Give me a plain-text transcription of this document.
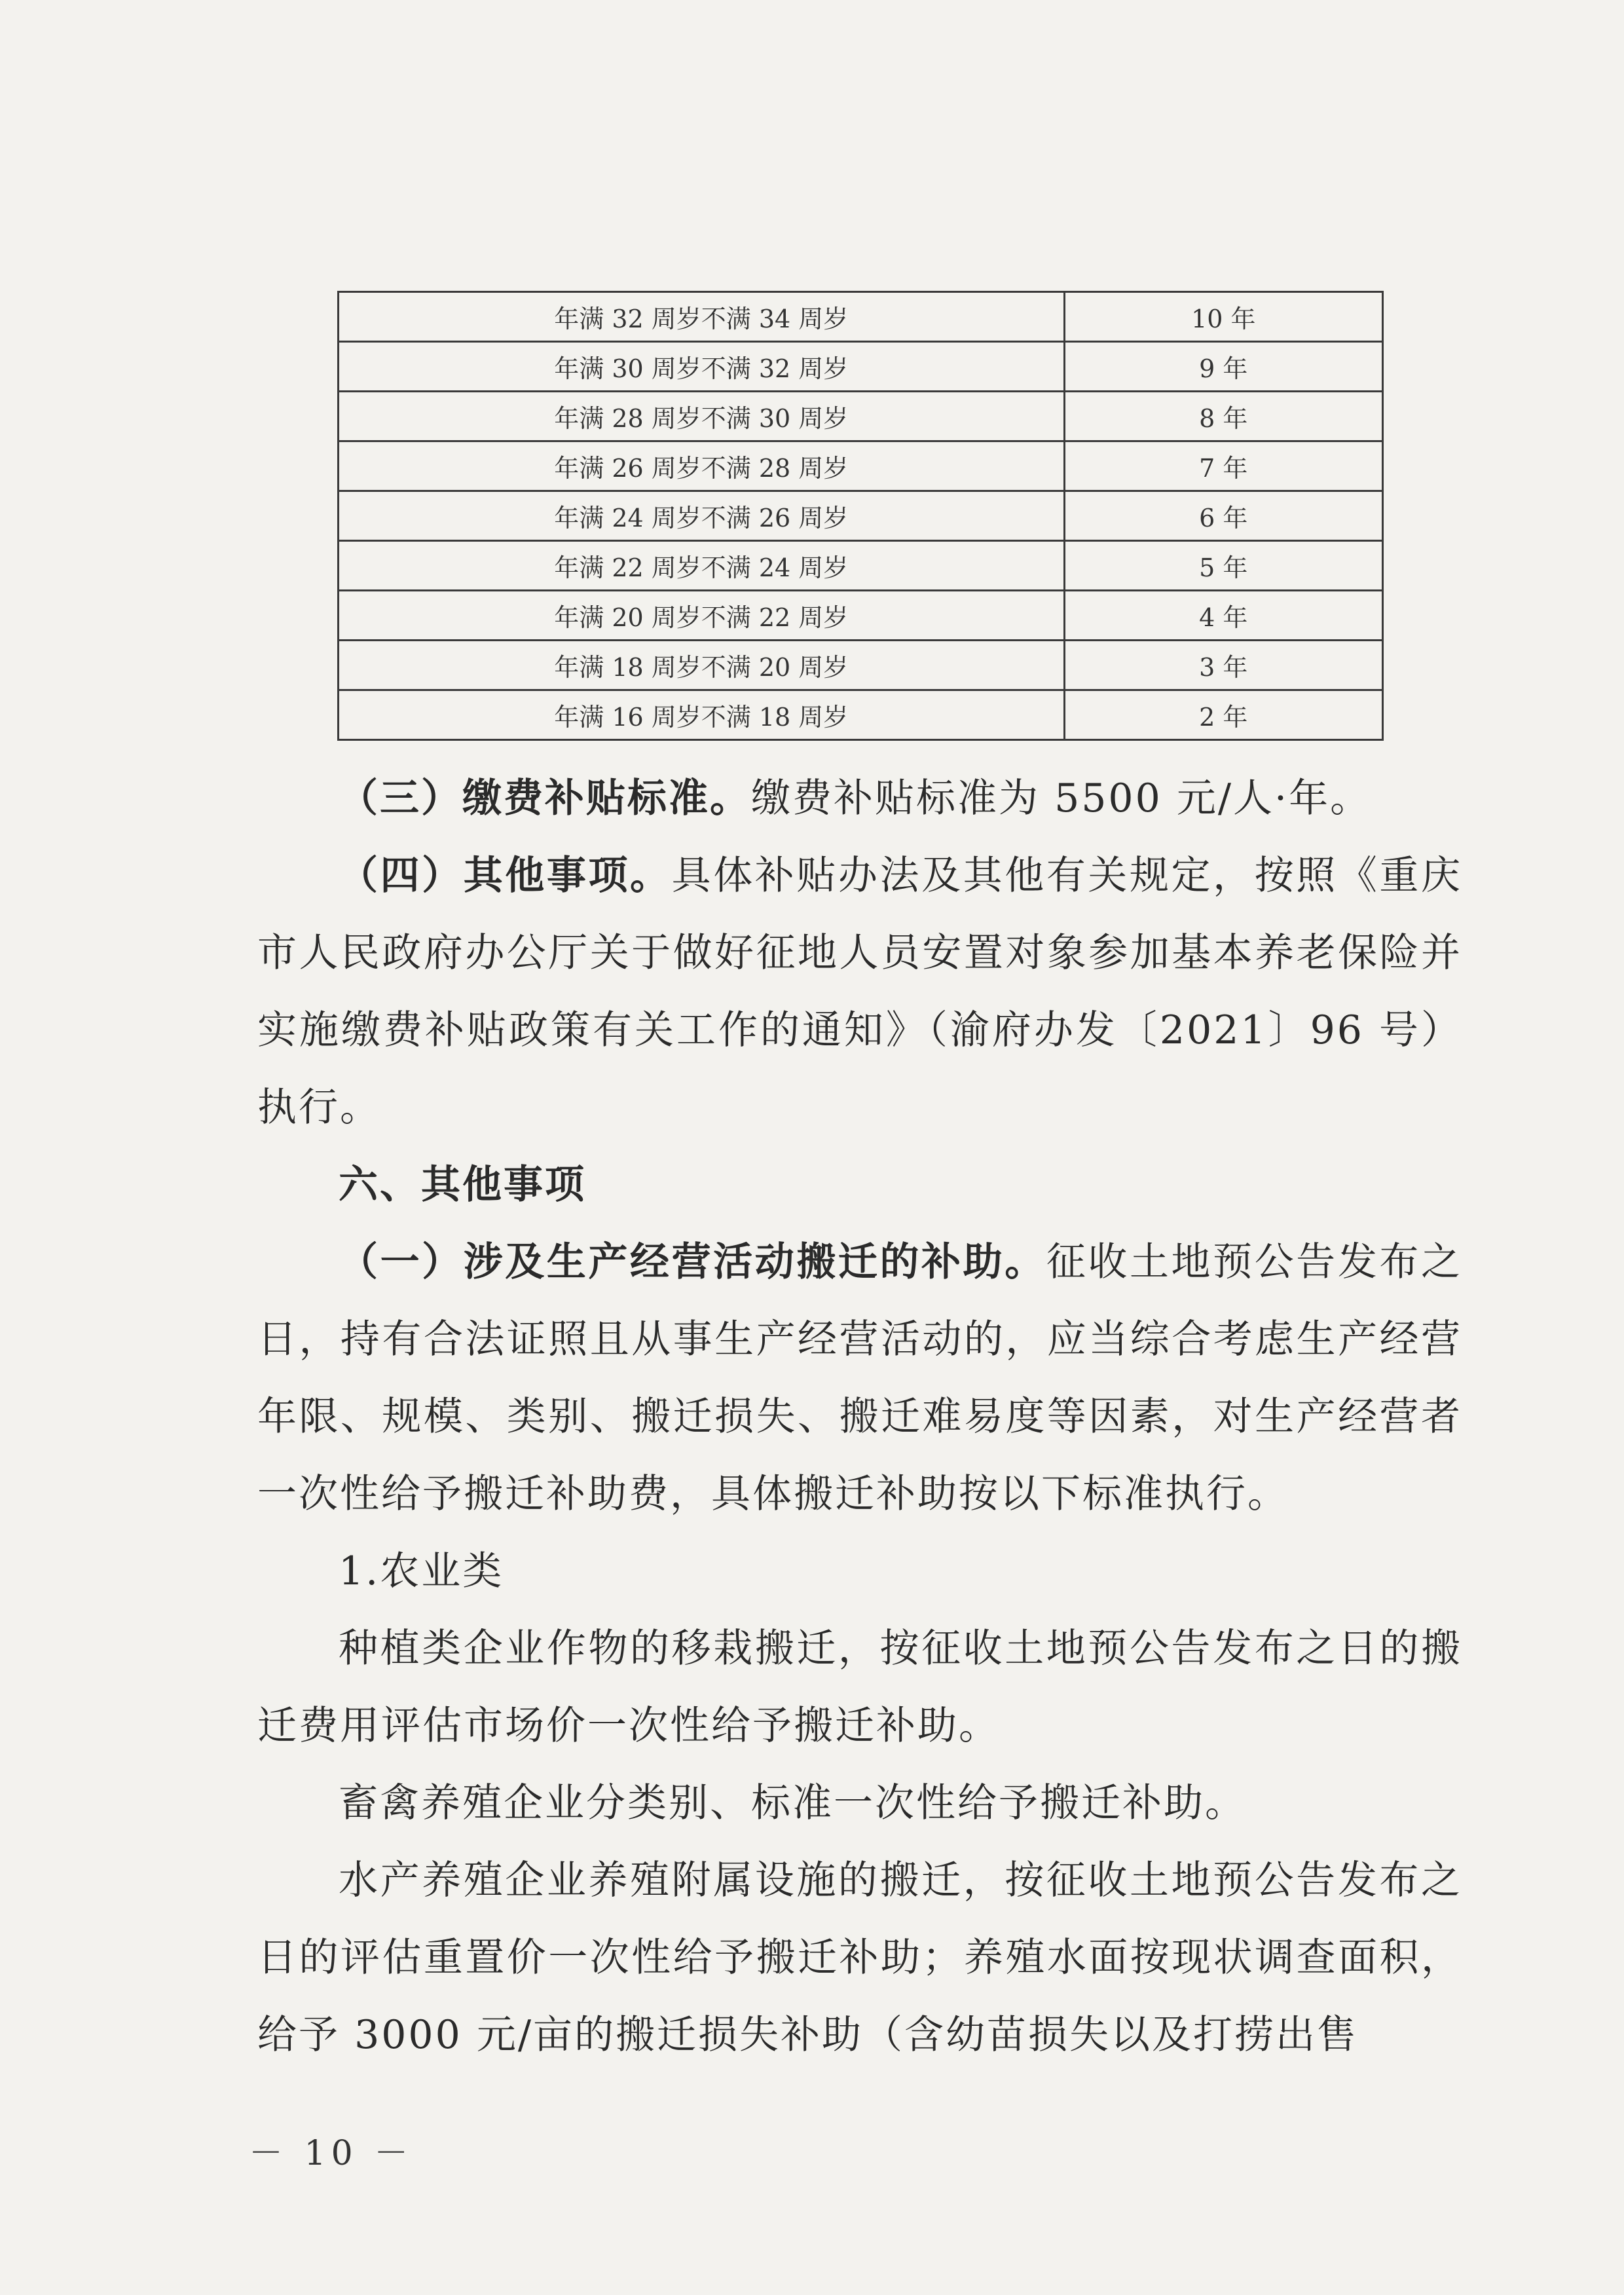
年满 32 周岁不满 34 周岁	10 年
年满 30 周岁不满 32 周岁	9 年
年满 28 周岁不满 30 周岁	8 年
年满 26 周岁不满 28 周岁	7 年
年满 24 周岁不满 26 周岁	6 年
年满 22 周岁不满 24 周岁	5 年
年满 20 周岁不满 22 周岁	4 年
年满 18 周岁不满 20 周岁	3 年
年满 16 周岁不满 18 周岁	2 年

（三）缴费补贴标准。缴费补贴标准为 5500 元/人·年。

（四）其他事项。具体补贴办法及其他有关规定，按照《重庆市人民政府办公厅关于做好征地人员安置对象参加基本养老保险并实施缴费补贴政策有关工作的通知》（渝府办发〔2021〕96 号）执行。

六、其他事项

（一）涉及生产经营活动搬迁的补助。征收土地预公告发布之日，持有合法证照且从事生产经营活动的，应当综合考虑生产经营年限、规模、类别、搬迁损失、搬迁难易度等因素，对生产经营者一次性给予搬迁补助费，具体搬迁补助按以下标准执行。

1.农业类

种植类企业作物的移栽搬迁，按征收土地预公告发布之日的搬迁费用评估市场价一次性给予搬迁补助。

畜禽养殖企业分类别、标准一次性给予搬迁补助。

水产养殖企业养殖附属设施的搬迁，按征收土地预公告发布之日的评估重置价一次性给予搬迁补助；养殖水面按现状调查面积，给予 3000 元/亩的搬迁损失补助（含幼苗损失以及打捞出售

－ 10 －
